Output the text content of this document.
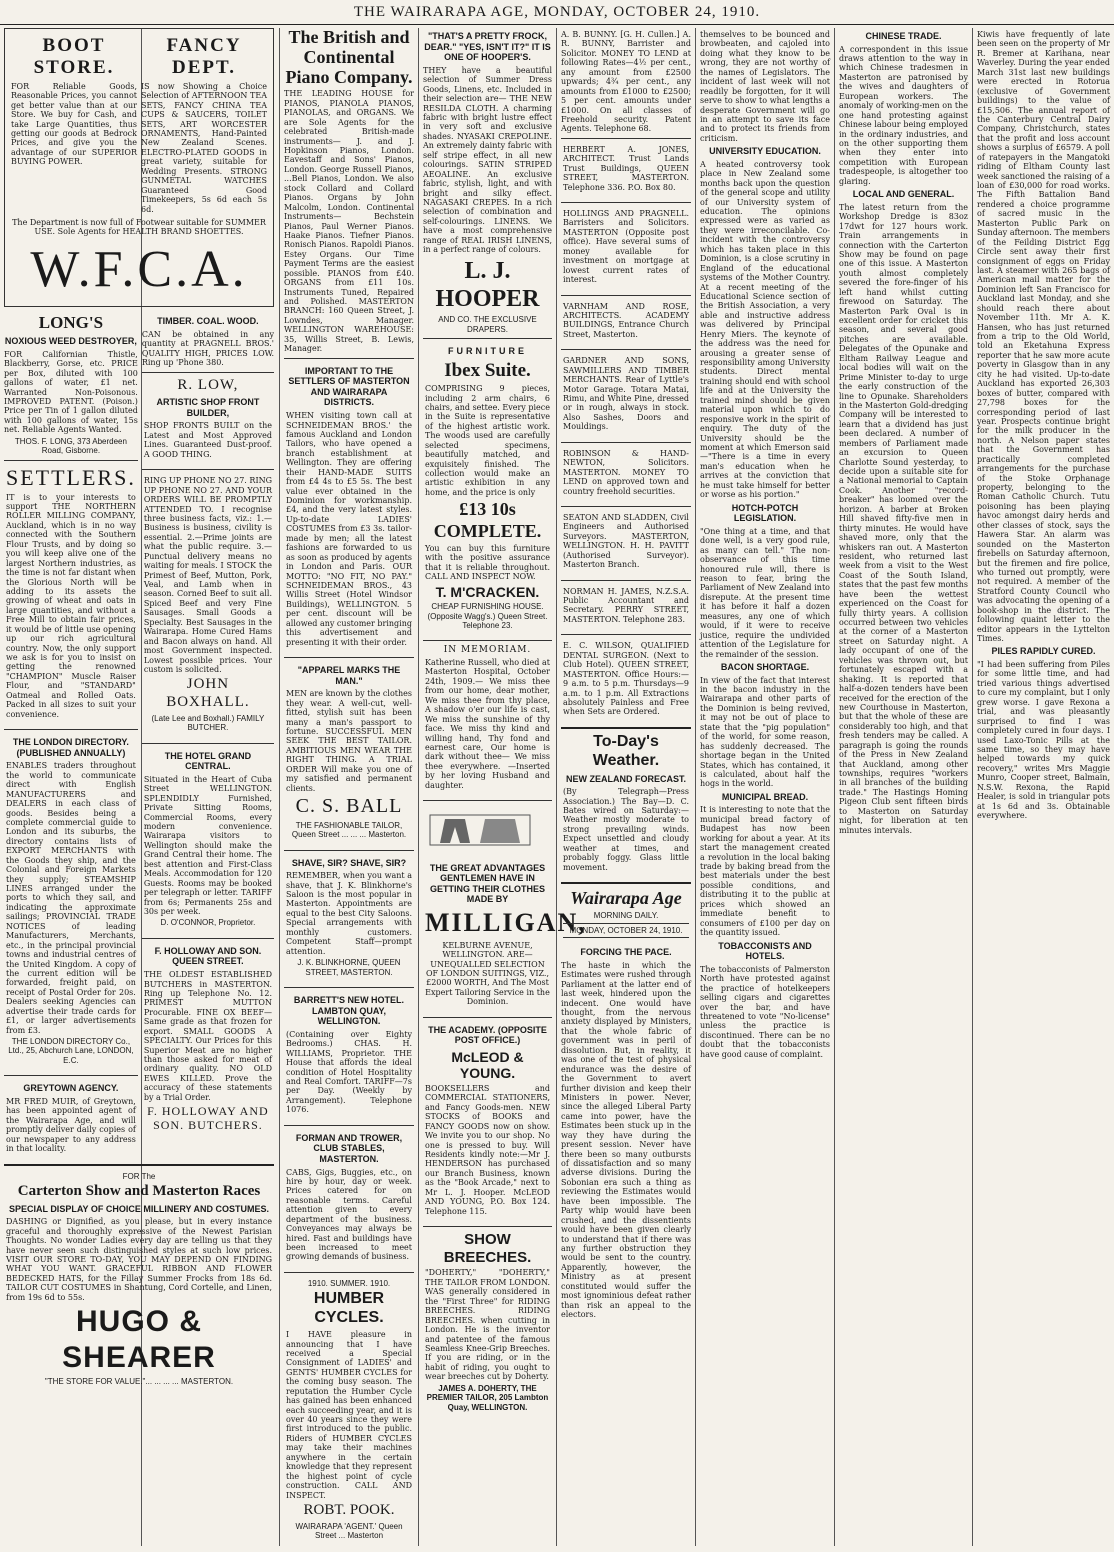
THE WAIRARAPA AGE, MONDAY, OCTOBER 24, 1910.
BOOT STORE.
FOR Reliable Goods, Reasonable Prices, you cannot get better value than at our Store. We buy for Cash, and take Large Quantities, thus getting our goods at Bedrock Prices, and give you the advantage of our SUPERIOR BUYING POWER.
FANCY DEPT.
IS now Showing a Choice Selection of AFTERNOON TEA SETS, FANCY CHINA TEA CUPS & SAUCERS, TOILET SETS, ART WORCESTER ORNAMENTS, Hand-Painted New Zealand Scenes. ELECTRO-PLATED GOODS in great variety, suitable for Wedding Presents. STRONG GUNMETAL WATCHES Guaranteed Good Timekeepers, 5s 6d each 5s 6d.
The Department is now full of Footwear suitable for SUMMER USE. Sole Agents for HEALTH BRAND SHOETTES.
W.F.C.A.
LONG'S
NOXIOUS WEED DESTROYER,
FOR Californian Thistle, Blackberry, Gorse, etc. PRICE per Box, diluted with 100 gallons of water, £1 net. Warranted Non-Poisonous. IMPROVED PATENT. (Poison.) Price per Tin of 1 gallon diluted with 100 gallons of water, 15s net. Reliable Agents Wanted.
THOS. F. LONG, 373 Aberdeen Road, Gisborne.
SETTLERS.
IT is to your interests to support THE NORTHERN ROLLER MILLING COMPANY, Auckland, which is in no way connected with the Southern Flour Trusts, and by doing so you will keep alive one of the largest Northern industries, as the time is not far distant when the Glorious North will be adding to its assets the growing of wheat and oats in large quantities, and without a Free Mill to obtain fair prices, it would be of little use opening up our rich agricultural country. Now, the only support we ask is for you to insist on getting the renowned "CHAMPION" Muscle Raiser Flour, and "STANDARD" Oatmeal and Rolled Oats. Packed in all sizes to suit your convenience.
THE LONDON DIRECTORY. (PUBLISHED ANNUALLY)
ENABLES traders throughout the world to communicate direct with English MANUFACTURERS and DEALERS in each class of goods. Besides being a complete commercial guide to London and its suburbs, the directory contains lists of EXPORT MERCHANTS with the Goods they ship, and the Colonial and Foreign Markets they supply; STEAMSHIP LINES arranged under the ports to which they sail, and indicating the approximate sailings; PROVINCIAL TRADE NOTICES of leading Manufacturers, Merchants, etc., in the principal provincial towns and industrial centres of the United Kingdom. A copy of the current edition will be forwarded, freight paid, on receipt of Postal Order for 20s. Dealers seeking Agencies can advertise their trade cards for £1, or larger advertisements from £3.
THE LONDON DIRECTORY Co., Ltd., 25, Abchurch Lane, LONDON, E.C.
GREYTOWN AGENCY.
MR FRED MUIR, of Greytown, has been appointed agent of the Wairarapa Age, and will promptly deliver daily copies of our newspaper to any address in that locality.
TIMBER. COAL. WOOD.
CAN be obtained in any quantity at PRAGNELL BROS.' QUALITY HIGH, PRICES LOW. Ring up 'Phone 380.
R. LOW,
ARTISTIC SHOP FRONT BUILDER,
SHOP FRONTS BUILT on the Latest and Most Approved Lines. Guaranteed Dust-proof. A GOOD THING.
RING UP PHONE NO 27. RING UP PHONE NO 27. AND YOUR ORDERS WILL BE PROMPTLY ATTENDED TO. I recognise three business facts, viz.: 1.—Business is business, civility is essential. 2.—Prime joints are what the public require. 3.—Punctual delivery means no waiting for meals. I STOCK the Primest of Beef, Mutton, Pork, Veal, and Lamb when in season. Corned Beef to suit all. Spiced Beef and very Fine Sausages. Small Goods a Specialty. Best Sausages in the Wairarapa. Home Cured Hams and Bacon always on hand. All most Government inspected. Lowest possible prices. Your custom is solicited.
JOHN BOXHALL.
(Late Lee and Boxhall.) FAMILY BUTCHER.
THE HOTEL GRAND CENTRAL.
Situated in the Heart of Cuba Street WELLINGTON. SPLENDIDLY Furnished, Private Sitting Rooms, Commercial Rooms, every modern convenience. Wairarapa visitors to Wellington should make the Grand Central their home. The best attention and First-Class Meals. Accommodation for 120 Guests. Rooms may be booked per telegraph or letter. TARIFF from 6s; Permanents 25s and 30s per week.
D. O'CONNOR, Proprietor.
F. HOLLOWAY AND SON. QUEEN STREET.
THE OLDEST ESTABLISHED BUTCHERS in MASTERTON. Ring up Telephone No. 12. PRIMEST MUTTON Procurable. FINE OX BEEF—Same grade as that frozen for export. SMALL GOODS A SPECIALTY. Our Prices for this Superior Meat are no higher than those asked for meat of ordinary quality. NO OLD EWES KILLED. Prove the accuracy of these statements by a Trial Order.
F. HOLLOWAY AND SON. BUTCHERS.
FOR The
Carterton Show and Masterton Races
SPECIAL DISPLAY OF CHOICE MILLINERY AND COSTUMES.
DASHING or Dignified, as you please, but in every instance graceful and thoroughly expressive of the Newest Parisian Thoughts. No wonder Ladies every day are telling us that they have never seen such distinguished styles at such low prices. VISIT OUR STORE TO-DAY, YOU MAY DEPEND ON FINDING WHAT YOU WANT. GRACEFUL RIBBON AND FLOWER BEDECKED HATS, for the Fillay Summer Frocks from 18s 6d. TAILOR CUT COSTUMES in Shantung, Cord Cortelle, and Linen, from 19s 6d to 55s.
HUGO & SHEARER
"THE STORE FOR VALUE."... ... ... ... MASTERTON.
The British and Continental Piano Company.
THE LEADING HOUSE for PIANOS, PIANOLA PIANOS, PIANOLAS, and ORGANS. We are Sole Agents for the celebrated British-made instruments— J. and J. Hopkinson Pianos, London. Eavestaff and Sons' Pianos, London. George Russell Pianos, ...Bell Pianos, London. We also stock Collard and Collard Pianos. Organs by John Malcolm, London. Continental Instruments— Bechstein Pianos, Paul Werner Pianos. Haake Pianos. Tiefner Pianos. Ronisch Pianos. Rapoldi Pianos. Estey Organs. Our Time Payment Terms are the easiest possible. PIANOS from £40. ORGANS from £11 10s. Instruments Tuned, Repaired and Polished. MASTERTON BRANCH: 160 Queen Street, J. Lowndes, Manager. WELLINGTON WAREHOUSE: 35, Willis Street, B. Lewis, Manager.
IMPORTANT TO THE SETTLERS OF MASTERTON AND WAIRARAPA DISTRICTS.
WHEN visiting town call at SCHNEIDEMAN BROS.' the famous Auckland and London Tailors, who have opened a branch establishment at Wellington. They are offering their HAND-MADE SUITS from £4 4s to £5 5s. The best value ever obtained in the Dominion for workmanship. £4, and the very latest styles. Up-to-date LADIES' COSTUMES from £3 3s. tailor-made by men; all the latest fashions are forwarded to us as soon as produced by agents in London and Paris. OUR MOTTO: "NO FIT, NO PAY." SCHNEIDEMAN BROS., 43 Willis Street (Hotel Windsor Buildings), WELLINGTON. 5 per cent. discount will be allowed any customer bringing this advertisement and presenting it with their order.
"APPAREL MARKS THE MAN."
MEN are known by the clothes they wear. A well-cut, well-fitted, stylish suit has been many a man's passport to fortune. SUCCESSFUL MEN SEEK THE BEST TAILOR. AMBITIOUS MEN WEAR THE RIGHT THING. A TRIAL ORDER Will make you one of my satisfied and permanent clients.
C. S. BALL
THE FASHIONABLE TAILOR, Queen Street ... ... ... Masterton.
SHAVE, SIR? SHAVE, SIR?
REMEMBER, when you want a shave, that J. K. Blinkhorne's Saloon is the most popular in Masterton. Appointments are equal to the best City Saloons. Special arrangements with monthly customers. Competent Staff—prompt attention.
J. K. BLINKHORNE, QUEEN STREET, MASTERTON.
BARRETT'S NEW HOTEL. LAMBTON QUAY, WELLINGTON.
(Containing over Eighty Bedrooms.) CHAS. H. WILLIAMS, Proprietor. THE House that affords the ideal condition of Hotel Hospitality and Real Comfort. TARIFF—7s per Day. (Weekly by Arrangement). Telephone 1076.
FORMAN AND TROWER, CLUB STABLES, MASTERTON.
CABS, Gigs, Buggies, etc., on hire by hour, day or week. Prices catered for on reasonable terms. Careful attention given to every department of the business. Conveyances may always be hired. Fast and buildings have been increased to meet growing demands of business.
1910. SUMMER. 1910.
HUMBER CYCLES.
I HAVE pleasure in announcing that I have received a Special Consignment of LADIES' and GENTS' HUMBER CYCLES for the coming busy season. The reputation the Humber Cycle has gained has been enhanced each succeeding year, and it is over 40 years since they were first introduced to the public. Riders of HUMBER CYCLES may take their machines anywhere in the certain knowledge that they represent the highest point of cycle construction. CALL AND INSPECT.
ROBT. POOK.
WAIRARAPA 'AGENT.' Queen Street ... Masterton
"THAT'S A PRETTY FROCK, DEAR." "YES, ISN'T IT?" IT IS ONE OF HOOPER'S.
THEY have a beautiful selection of Summer Dress Goods, Linens, etc. Included in their selection are— THE NEW RESILDA CLOTH. A charming fabric with bright lustre effect in very soft and exclusive shades. NYASAKI CREPOLINE. An extremely dainty fabric with self stripe effect, in all new colourings. SATIN STRIPED AEOALINE. An exclusive fabric, stylish, light, and with bright and silky effect. NAGASAKI CREPES. In a rich selection of combination and self-colourings. LINENS. We have a most comprehensive range of REAL IRISH LINENS, in a perfect range of colours.
L. J. HOOPER
AND CO. THE EXCLUSIVE DRAPERS.
FURNITURE
Ibex Suite.
COMPRISING 9 pieces, including 2 arm chairs, 6 chairs, and settee. Every piece in the Suite is representative of the highest artistic work. The woods used are carefully selected specimens, beautifully matched, and exquisitely finished. The collection would make an artistic exhibition in any home, and the price is only
£13 10s COMPLETE.
You can buy this furniture with the positive assurance that it is reliable throughout. CALL AND INSPECT NOW.
T. M'CRACKEN.
CHEAP FURNISHING HOUSE. (Opposite Wagg's.) Queen Street. Telephone 23.
IN MEMORIAM.
Katherine Russell, who died at Masterton Hospital, October 24th, 1909.— We miss thee from our home, dear mother, We miss thee from thy place, A shadow o'er our life is cast, We miss the sunshine of thy face. We miss thy kind and willing hand, Thy fond and earnest care, Our home is dark without thee— We miss thee everywhere. —Inserted by her loving Husband and daughter.
THE GREAT ADVANTAGES GENTLEMEN HAVE IN GETTING THEIR CLOTHES MADE BY
MILLIGAN,
KELBURNE AVENUE, WELLINGTON. ARE— UNEQUALLED SELECTION OF LONDON SUITINGS, VIZ., £2000 WORTH, And The Most Expert Tailoring Service in the Dominion.
THE ACADEMY. (OPPOSITE POST OFFICE.)
McLEOD & YOUNG.
BOOKSELLERS and COMMERCIAL STATIONERS, and Fancy Goods-men. NEW STOCKS of BOOKS and FANCY GOODS now on show. We invite you to our shop. No one is pressed to buy. Will Residents kindly note:—Mr J. HENDERSON has purchased our Branch Business, known as the "Book Arcade," next to Mr L. J. Hooper. McLEOD AND YOUNG, P.O. Box 124. Telephone 115.
SHOW BREECHES.
"DOHERTY," "DOHERTY," THE TAILOR FROM LONDON. WAS generally considered in the "First Three" for RIDING BREECHES. RIDING BREECHES. when cutting in London. He is the inventor and patentee of the famous Seamless Knee-Grip Breeches. If you are riding, or in the habit of riding, you ought to wear breeches cut by Doherty.
JAMES A. DOHERTY, THE PREMIER TAILOR, 205 Lambton Quay, WELLINGTON.
A. B. BUNNY. [G. H. Cullen.] A. R. BUNNY, Barrister and Solicitor. MONEY TO LEND at following Rates—4½ per cent., any amount from £2500 upwards; 4¾ per cent., any amounts from £1000 to £2500; 5 per cent. amounts under £1000. On all classes of Freehold security. Patent Agents. Telephone 68.
HERBERT A. JONES, ARCHITECT. Trust Lands Trust Buildings, QUEEN STREET, MASTERTON. Telephone 336. P.O. Box 80.
HOLLINGS AND PRAGNELL. Barristers and Solicitors. MASTERTON (Opposite post office). Have several sums of money available for investment on mortgage at lowest current rates of interest.
VARNHAM AND ROSE, ARCHITECTS. ACADEMY BUILDINGS, Entrance Church Street, Masterton.
GARDNER AND SONS, SAWMILLERS AND TIMBER MERCHANTS. Rear of Lyttle's Motor Garage. Totara Matai, Rimu, and White Pine, dressed or in rough, always in stock. Also Sashes, Doors and Mouldings.
ROBINSON & HAND-NEWTON, Solicitors. MASTERTON. MONEY TO LEND on approved town and country freehold securities.
SEATON AND SLADDEN, Civil Engineers and Authorised Surveyors. MASTERTON, WELLINGTON. H. H. PAVITT (Authorised Surveyor). Masterton Branch.
NORMAN H. JAMES, N.Z.S.A. Public Accountant and Secretary. PERRY STREET, MASTERTON. Telephone 283.
E. C. WILSON, QUALIFIED DENTAL SURGEON. (Next to Club Hotel). QUEEN STREET, MASTERTON. Office Hours:—9 a.m. to 5 p.m. Thursdays—9 a.m. to 1 p.m. All Extractions absolutely Painless and Free when Sets are Ordered.
To-Day's Weather.
NEW ZEALAND FORECAST.
(By Telegraph—Press Association.) The Bay—D. C. Bates wired on Saturday:— Weather mostly moderate to strong prevailing winds. Expect unsettled and cloudy weather at times, and probably foggy. Glass little movement.
Wairarapa Age
MORNING DAILY.
MONDAY, OCTOBER 24, 1910.
FORCING THE PACE.
The haste in which the Estimates were rushed through Parliament at the latter end of last week, hindered upon the indecent. One would have thought, from the nervous anxiety displayed by Ministers, that the whole fabric of government was in peril of dissolution. But, in reality, it was one of the test of physical endurance was the desire of the Government to avert further division and keep their Ministers in power. Never, since the alleged Liberal Party came into power, have the Estimates been stuck up in the way they have during the present session. Never have there been so many outbursts of dissatisfaction and so many adverse divisions. During the Sobonian era such a thing as reviewing the Estimates would have been impossible. The Party whip would have been crushed, and the dissentients would have been given clearly to understand that if there was any further obstruction they would be sent to the country. Apparently, however, the Ministry as at present constituted would suffer the most ignominious defeat rather than risk an appeal to the electors.
themselves to be bounced and browbeaten, and cajoled into doing what they know to be wrong, they are not worthy of the names of Legislators. The incident of last week will not readily be forgotten, for it will serve to show to what lengths a desperate Government will go in an attempt to save its face and to protect its friends from criticism.
UNIVERSITY EDUCATION.
A heated controversy took place in New Zealand some months back upon the question of the general scope and utility of our University system of education. The opinions expressed were as varied as they were irreconcilable. Co-incident with the controversy which has taken place in this Dominion, is a close scrutiny in England of the educational systems of the Mother Country. At a recent meeting of the Educational Science section of the British Association, a very able and instructive address was delivered by Principal Henry Miers. The keynote of the address was the need for arousing a greater sense of responsibility among University students. Direct mental training should end with school life and at the University the trained mind should be given material upon which to do responsive work in the spirit of enquiry. The duty of the University should be the moment at which Emerson said—"There is a time in every man's education when he arrives at the conviction that he must take himself for better or worse as his portion."
HOTCH-POTCH LEGISLATION.
"One thing at a time, and that done well, is a very good rule, as many can tell." The non-observance of this time honoured rule will, there is reason to fear, bring the Parliament of New Zealand into disrepute. At the present time it has before it half a dozen measures, any one of which would, if it were to receive justice, require the undivided attention of the Legislature for the remainder of the session.
BACON SHORTAGE.
In view of the fact that interest in the bacon industry in the Wairarapa and other parts of the Dominion is being revived, it may not be out of place to state that the "pig population" of the world, for some reason, has suddenly decreased. The shortage began in the United States, which has contained, it is calculated, about half the hogs in the world.
MUNICIPAL BREAD.
It is interesting to note that the municipal bread factory of Budapest has now been working for about a year. At its start the management created a revolution in the local baking trade by baking bread from the best materials under the best possible conditions, and distributing it to the public at prices which showed an immediate benefit to consumers of £100 per day on the quantity issued.
TOBACCONISTS AND HOTELS.
The tobacconists of Palmerston North have protested against the practice of hotelkeepers selling cigars and cigarettes over the bar, and have threatened to vote "No-license" unless the practice is discontinued. There can be no doubt that the tobacconists have good cause of complaint.
CHINESE TRADE.
A correspondent in this issue draws attention to the way in which Chinese tradesmen in Masterton are patronised by the wives and daughters of European workers. The anomaly of working-men on the one hand protesting against Chinese labour being employed in the ordinary industries, and on the other supporting them when they enter into competition with European tradespeople, is altogether too glaring.
LOCAL AND GENERAL.
The latest return from the Workshop Dredge is 83oz 17dwt for 127 hours work. Train arrangements in connection with the Carterton Show may be found on page one of this issue. A Masterton youth almost completely severed the fore-finger of his left hand whilst cutting firewood on Saturday. The Masterton Park Oval is in excellent order for cricket this season, and several good pitches are available. Delegates of the Opunake and Eltham Railway League and local bodies will wait on the Prime Minister to-day to urge the early construction of the line to Opunake. Shareholders in the Masterton Gold-dredging Company will be interested to learn that a dividend has just been declared. A number of members of Parliament made an excursion to Queen Charlotte Sound yesterday, to decide upon a suitable site for a National memorial to Captain Cook. Another "record-breaker" has loomed over the horizon. A barber at Broken Hill shaved fifty-five men in thirty minutes. He would have shaved more, only that the whiskers ran out. A Masterton resident, who returned last week from a visit to the West Coast of the South Island, states that the past few months have been the wettest experienced on the Coast for fully thirty years. A collision occurred between two vehicles at the corner of a Masterton street on Saturday night. A lady occupant of one of the vehicles was thrown out, but fortunately escaped with a shaking. It is reported that half-a-dozen tenders have been received for the erection of the new Courthouse in Masterton, but that the whole of these are considerably too high, and that fresh tenders may be called. A paragraph is going the rounds of the Press in New Zealand that Auckland, among other townships, requires "workers in all branches of the building trade." The Hastings Homing Pigeon Club sent fifteen birds to Masterton on Saturday night, for liberation at ten minutes intervals.
Kiwis have frequently of late been seen on the property of Mr R. Bremer at Karihana, near Waverley. During the year ended March 31st last new buildings were erected in Rotorua (exclusive of Government buildings) to the value of £15,506. The annual report of the Canterbury Central Dairy Company, Christchurch, states that the profit and loss account shows a surplus of £6579. A poll of ratepayers in the Mangatoki riding of Eltham County last week sanctioned the raising of a loan of £30,000 for road works. The Fifth Battalion Band rendered a choice programme of sacred music in the Masterton Public Park on Sunday afternoon. The members of the Feilding District Egg Circle sent away their first consignment of eggs on Friday last. A steamer with 265 bags of American mail matter for the Dominion left San Francisco for Auckland last Monday, and she should reach there about November 11th. Mr A. K. Hansen, who has just returned from a trip to the Old World, told an Eketahuna Express reporter that he saw more acute poverty in Glasgow than in any city he had visited. Up-to-date Auckland has exported 26,303 boxes of butter, compared with 27,798 boxes for the corresponding period of last year. Prospects continue bright for the milk producer in the north. A Nelson paper states that the Government has practically completed arrangements for the purchase of the Stoke Orphanage property, belonging to the Roman Catholic Church. Tutu poisoning has been playing havoc amongst dairy herds and other classes of stock, says the Hawera Star. An alarm was sounded on the Masterton firebells on Saturday afternoon, but the firemen and fire police, who turned out promptly, were not required. A member of the Stratford County Council who was advocating the opening of a book-shop in the district. The following quaint letter to the editor appears in the Lyttelton Times.
PILES RAPIDLY CURED.
"I had been suffering from Piles for some little time, and had tried various things advertised to cure my complaint, but I only grew worse. I gave Rexona a trial, and was pleasantly surprised to find I was completely cured in four days. I used Laxo-Tonic Pills at the same time, so they may have helped towards my quick recovery," writes Mrs Maggie Munro, Cooper street, Balmain, N.S.W. Rexona, the Rapid Healer, is sold in triangular pots at 1s 6d and 3s. Obtainable everywhere.
